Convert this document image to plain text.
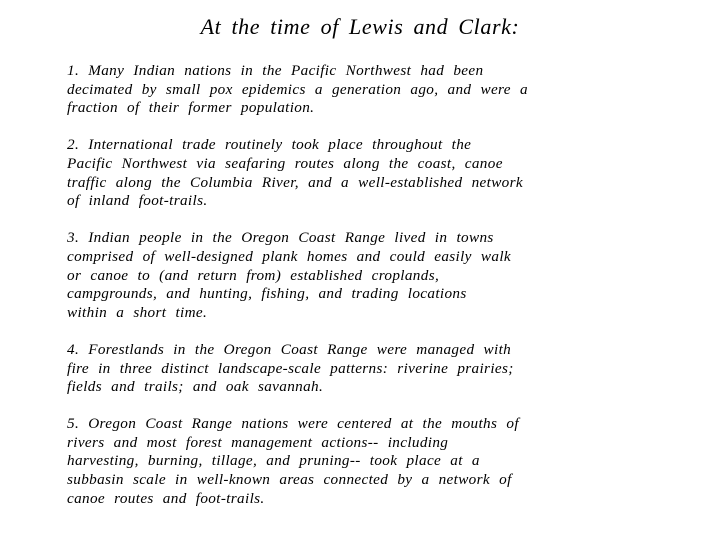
At the time of Lewis and Clark:
1. Many Indian nations in the Pacific Northwest had been
decimated by small pox epidemics a generation ago, and were a
fraction of their former population.
2. International trade routinely took place throughout the
Pacific Northwest via seafaring routes along the coast, canoe
traffic along the Columbia River, and a well-established network
of inland foot-trails.
3. Indian people in the Oregon Coast Range lived in towns
comprised of well-designed plank homes and could easily walk
or canoe to (and return from) established croplands,
campgrounds, and hunting, fishing, and trading locations
within a short time.
4. Forestlands in the Oregon Coast Range were managed with
fire in three distinct landscape-scale patterns: riverine prairies;
fields and trails; and oak savannah.
5. Oregon Coast Range nations were centered at the mouths of
rivers and most forest management actions-- including
harvesting, burning, tillage, and pruning-- took place at a
subbasin scale in well-known areas connected by a network of
canoe routes and foot-trails.
